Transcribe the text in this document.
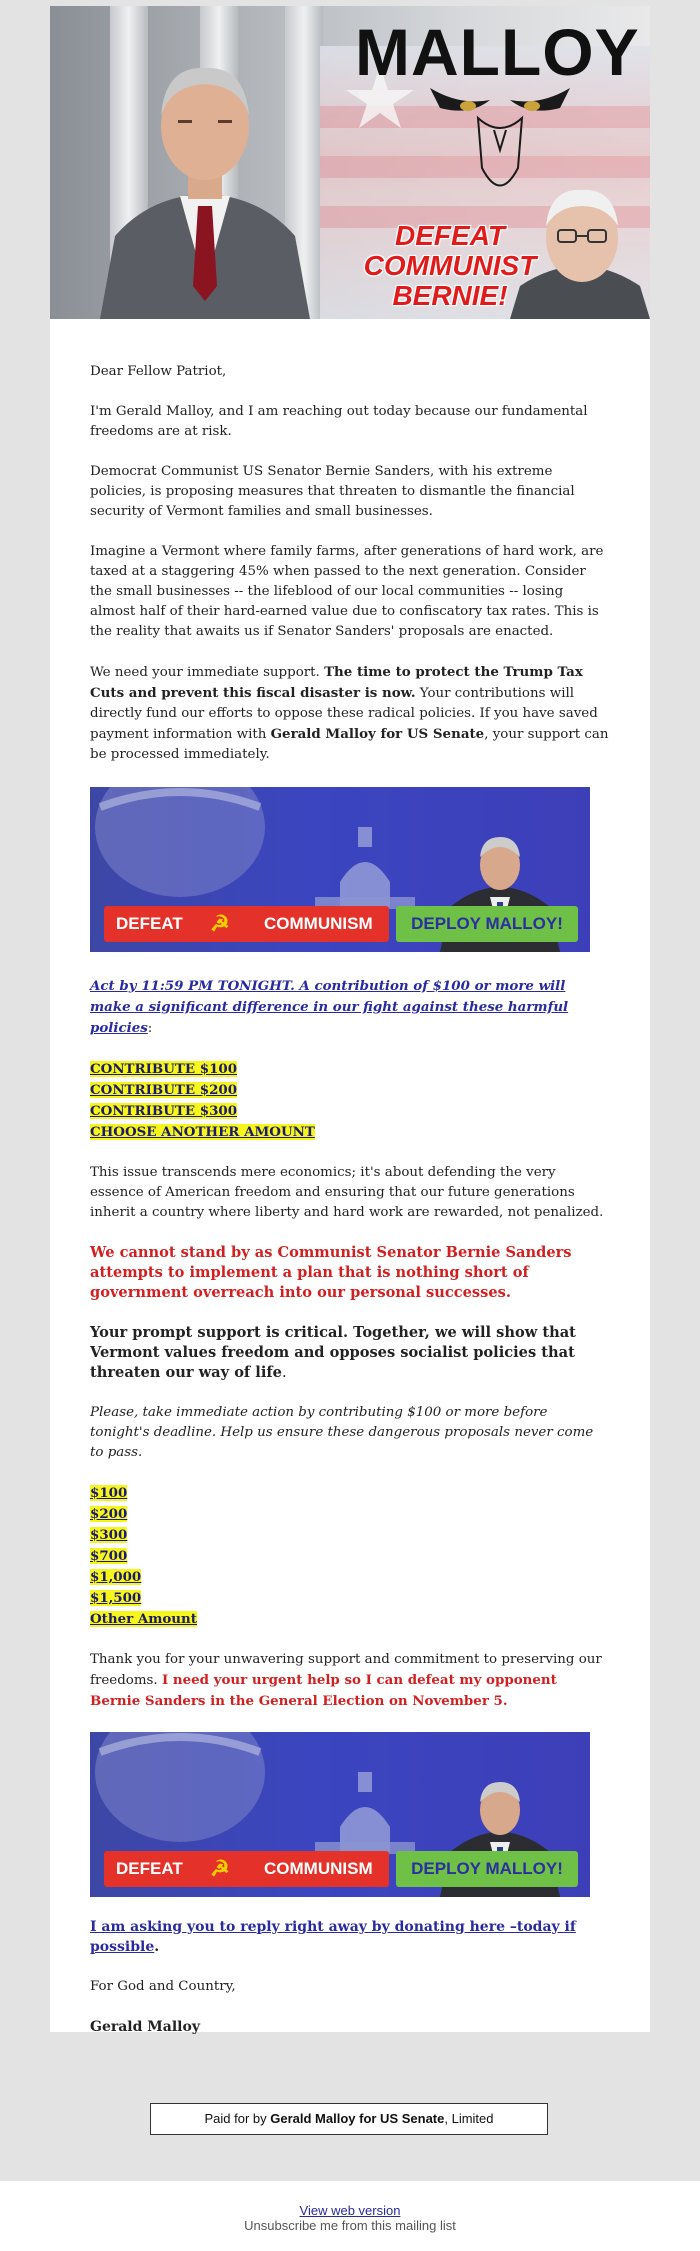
MALLOY
DEFEAT
COMMUNIST
BERNIE!

Dear Fellow Patriot,

I'm Gerald Malloy, and I am reaching out today because our fundamental freedoms are at risk.

Democrat Communist US Senator Bernie Sanders, with his extreme policies, is proposing measures that threaten to dismantle the financial security of Vermont families and small businesses.

Imagine a Vermont where family farms, after generations of hard work, are taxed at a staggering 45% when passed to the next generation. Consider the small businesses -- the lifeblood of our local communities -- losing almost half of their hard-earned value due to confiscatory tax rates. This is the reality that awaits us if Senator Sanders' proposals are enacted.

We need your immediate support. The time to protect the Trump Tax Cuts and prevent this fiscal disaster is now. Your contributions will directly fund our efforts to oppose these radical policies. If you have saved payment information with Gerald Malloy for US Senate, your support can be processed immediately.

DEFEAT ☭ COMMUNISM	DEPLOY MALLOY!

Act by 11:59 PM TONIGHT. A contribution of $100 or more will make a significant difference in our fight against these harmful policies:

CONTRIBUTE $100
CONTRIBUTE $200
CONTRIBUTE $300
CHOOSE ANOTHER AMOUNT

This issue transcends mere economics; it's about defending the very essence of American freedom and ensuring that our future generations inherit a country where liberty and hard work are rewarded, not penalized.

We cannot stand by as Communist Senator Bernie Sanders attempts to implement a plan that is nothing short of government overreach into our personal successes.

Your prompt support is critical. Together, we will show that Vermont values freedom and opposes socialist policies that threaten our way of life.

Please, take immediate action by contributing $100 or more before tonight's deadline. Help us ensure these dangerous proposals never come to pass.

$100
$200
$300
$700
$1,000
$1,500
Other Amount

Thank you for your unwavering support and commitment to preserving our freedoms. I need your urgent help so I can defeat my opponent Bernie Sanders in the General Election on November 5.

DEFEAT ☭ COMMUNISM	DEPLOY MALLOY!

I am asking you to reply right away by donating here –today if possible.

For God and Country,

Gerald Malloy

Paid for by Gerald Malloy for US Senate, Limited
View web version
Unsubscribe me from this mailing list
